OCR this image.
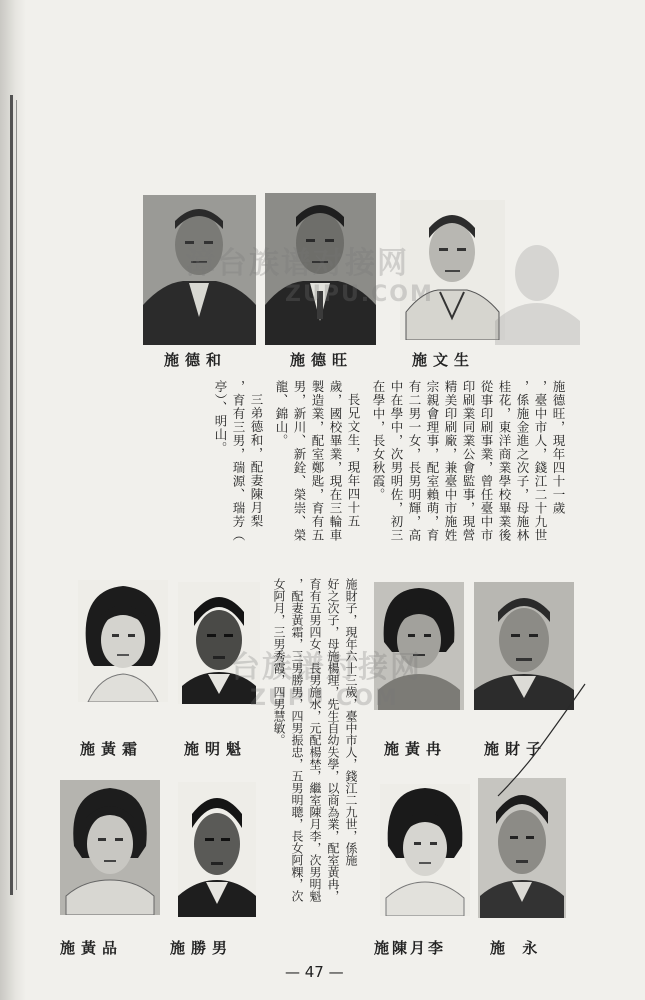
漳台族谱对接网
ZUPU.COM
施德和	施德旺	施文生
施德旺，現年四十一歲
，臺中市人，錢江二十九世
，係施金進之次子，母施林
桂花，東洋商業學校畢業後
從事印刷事業，曾任臺中市
印刷業同業公會監事，現營
精美印刷廠，兼臺中市施姓
宗親會理事，配室賴萌，育
有二男一女，長男明輝，高
中在學中，次男明佐，初三
在學中，長女秋霞。
長兄文生，現年四十五
歲，國校畢業，現在三輪車
製造業，配室鄭匙，育有五
男，新川、新銓、榮崇、榮
龍、錦山。
三弟德和，配妻陳月梨
，育有三男，瑞源、瑞芳（
亭）、明山。
台族谱对接网
ZUPU.COM
施黃霜	施明魁	施黃冉 施財子
施財子，現年六十三歲，臺中市人，錢江二九世，係施
好之次子，母施楊理，先生自幼失學，以商為業，配室黃冉，
育有五男四女，長男施水，元配楊埜，繼室陳月李，次男明魁
，配妻黃霜，三男勝男，四男振忠，五男明聰，長女阿粿，次
女阿月，三男秀霞，四男慧敏。
施黃品	施勝男	施陳月李	施 永
— 47 —
